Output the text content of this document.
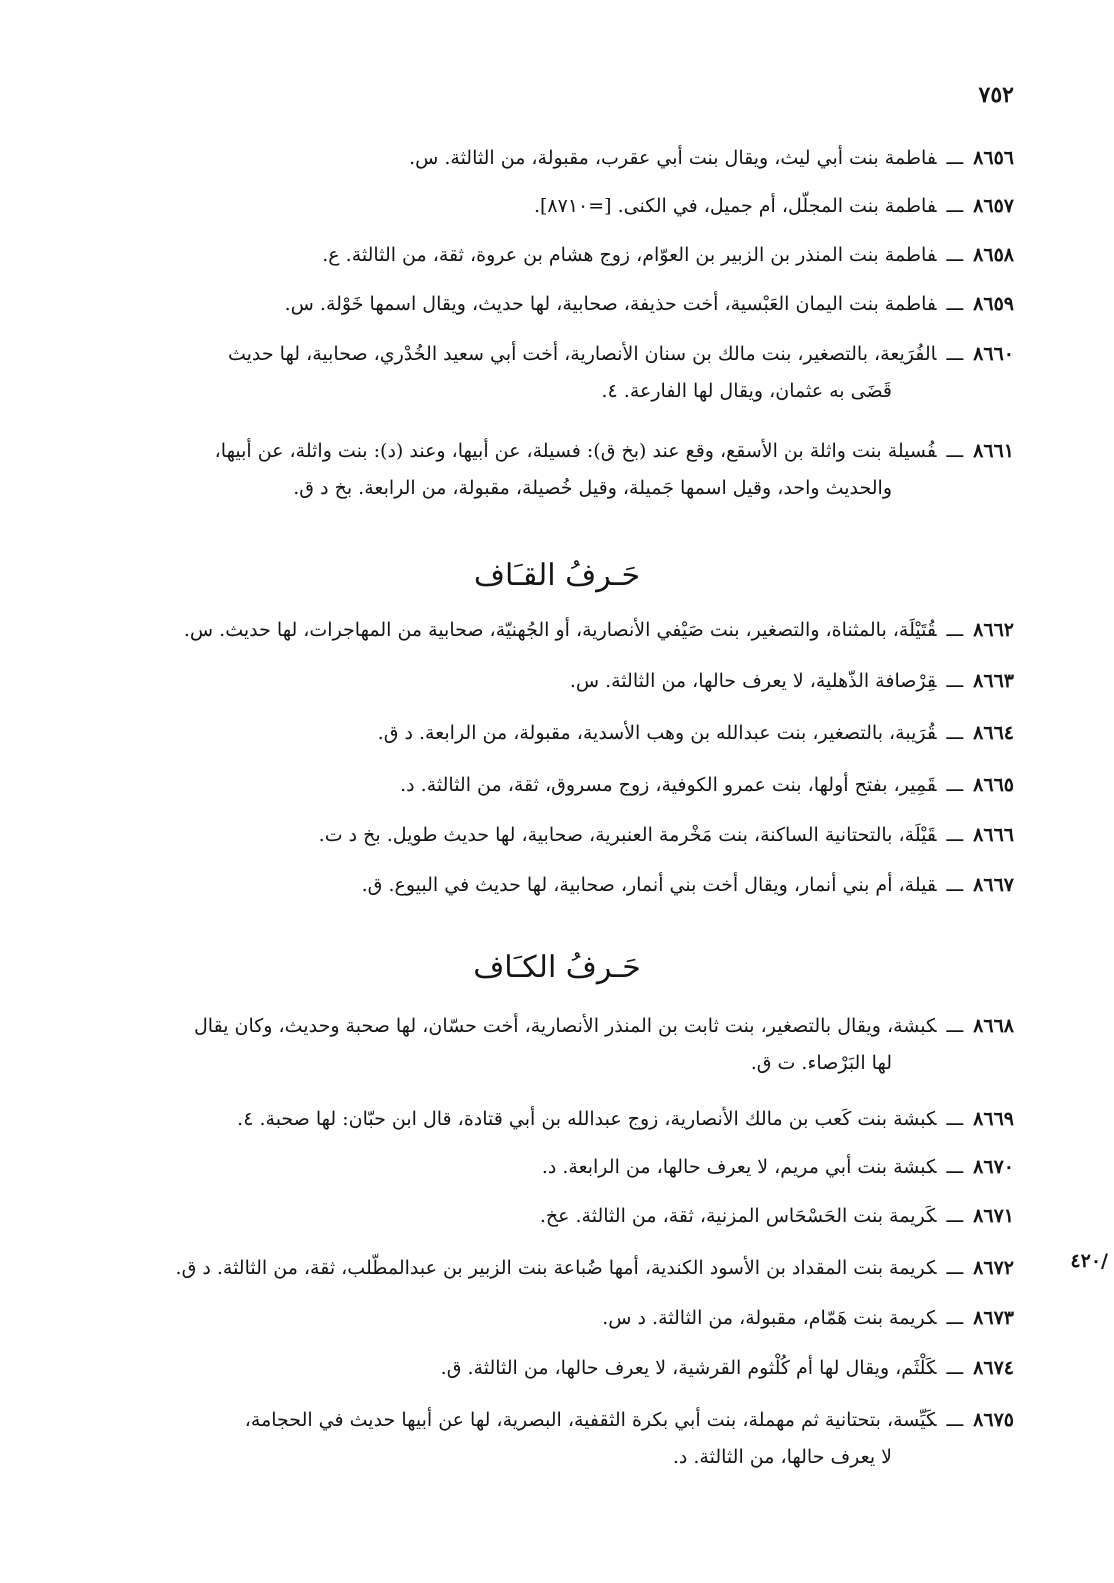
٧٥٢
٨٦٥٦ـــفاطمة بنت أبي ليث، ويقال بنت أبي عقرب، مقبولة، من الثالثة. س.
٨٦٥٧ـــفاطمة بنت المجلّل، أم جميل، في الكنى. [=٨٧١٠].
٨٦٥٨ـــفاطمة بنت المنذر بن الزبير بن العوّام، زوج هشام بن عروة، ثقة، من الثالثة. ع.
٨٦٥٩ـــفاطمة بنت اليمان العَبْسية، أخت حذيفة، صحابية، لها حديث، ويقال اسمها خَوْلة. س.
٨٦٦٠ـــالفُرَيعة، بالتصغير، بنت مالك بن سنان الأنصارية، أخت أبي سعيد الخُدْري، صحابية، لها حديث
قَضَى به عثمان، ويقال لها الفارعة. ٤.
٨٦٦١ـــفُسيلة بنت واثلة بن الأسقع، وقع عند (بخ ق): فسيلة، عن أبيها، وعند (د): بنت واثلة، عن أبيها،
والحديث واحد، وقيل اسمها جَميلة، وقيل خُصيلة، مقبولة، من الرابعة. بخ د ق.
حَـرفُ القـَاف
٨٦٦٢ـــقُتَيْلَة، بالمثناة، والتصغير، بنت صَيْفي الأنصارية، أو الجُهنيّة، صحابية من المهاجرات، لها حديث. س.
٨٦٦٣ـــقِرْصافة الذّهلية، لا يعرف حالها، من الثالثة. س.
٨٦٦٤ـــقُرَيبة، بالتصغير، بنت عبدالله بن وهب الأسدية، مقبولة، من الرابعة. د ق.
٨٦٦٥ـــقَمِير، بفتح أولها، بنت عمرو الكوفية، زوج مسروق، ثقة، من الثالثة. د.
٨٦٦٦ـــقَيْلَة، بالتحتانية الساكنة، بنت مَخْرمة العنبرية، صحابية، لها حديث طويل. بخ د ت.
٨٦٦٧ـــقيلة، أم بني أنمار، ويقال أخت بني أنمار، صحابية، لها حديث في البيوع. ق.
حَـرفُ الكـَاف
٨٦٦٨ـــكبشة، ويقال بالتصغير، بنت ثابت بن المنذر الأنصارية، أخت حسّان، لها صحبة وحديث، وكان يقال
لها البَرْصاء. ت ق.
٨٦٦٩ـــكبشة بنت كَعب بن مالك الأنصارية، زوج عبدالله بن أبي قتادة، قال ابن حبّان: لها صحبة. ٤.
٨٦٧٠ـــكبشة بنت أبي مريم، لا يعرف حالها، من الرابعة. د.
٨٦٧١ـــكَريمة بنت الحَسْحَاس المزنية، ثقة، من الثالثة. عخ.
٨٦٧٢ـــكريمة بنت المقداد بن الأسود الكندية، أمها ضُباعة بنت الزبير بن عبدالمطّلب، ثقة، من الثالثة. د ق.	/٤٢٠
٨٦٧٣ـــكريمة بنت هَمّام، مقبولة، من الثالثة. د س.
٨٦٧٤ـــكَلْثَم، ويقال لها أم كُلْثوم القرشية، لا يعرف حالها، من الثالثة. ق.
٨٦٧٥ـــكَيِّسة، بتحتانية ثم مهملة، بنت أبي بكرة الثقفية، البصرية، لها عن أبيها حديث في الحجامة،
لا يعرف حالها، من الثالثة. د.
